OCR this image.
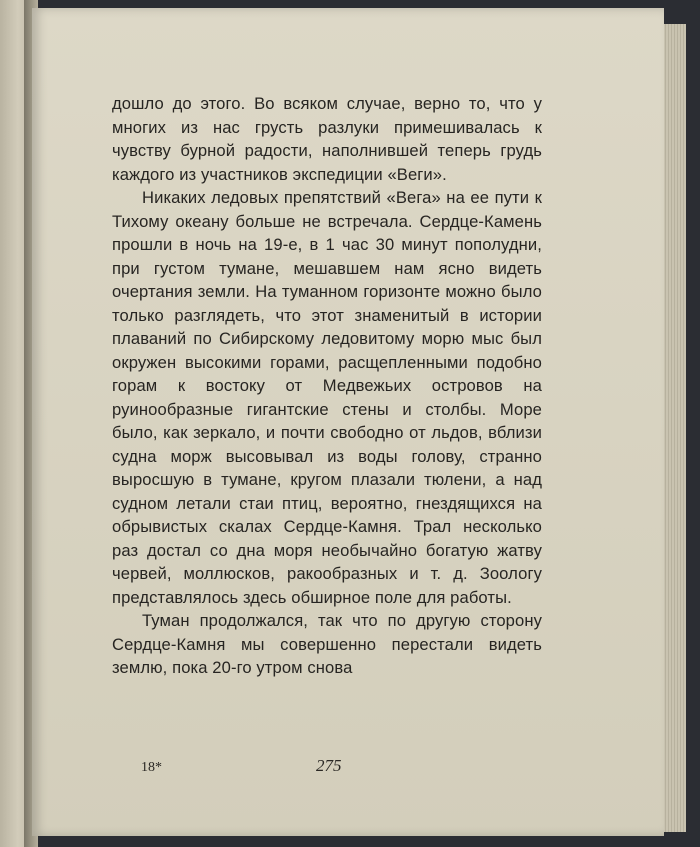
дошло до этого. Во всяком случае, верно то, что у многих из нас грусть разлуки примешивалась к чувству бурной радости, наполнившей теперь грудь каждого из участников экспедиции «Веги».

Никаких ледовых препятствий «Вега» на ее пути к Тихому океану больше не встречала. Сердце-Камень прошли в ночь на 19-е, в 1 час 30 минут пополудни, при густом тумане, мешавшем нам ясно видеть очертания земли. На туманном горизонте можно было только разглядеть, что этот знаменитый в истории плаваний по Сибирскому ледовитому морю мыс был окружен высокими горами, расщепленными подобно горам к востоку от Медвежьих островов на руинообразные гигантские стены и столбы. Море было, как зеркало, и почти свободно от льдов, вблизи судна морж высовывал из воды голову, странно выросшую в тумане, кругом плазали тюлени, а над судном летали стаи птиц, вероятно, гнездящихся на обрывистых скалах Сердце-Камня. Трал несколько раз достал со дна моря необычайно богатую жатву червей, моллюсков, ракообразных и т. д. Зоологу представлялось здесь обширное поле для работы.

Туман продолжался, так что по другую сторону Сердце-Камня мы совершенно перестали видеть землю, пока 20-го утром снова

18*	275
